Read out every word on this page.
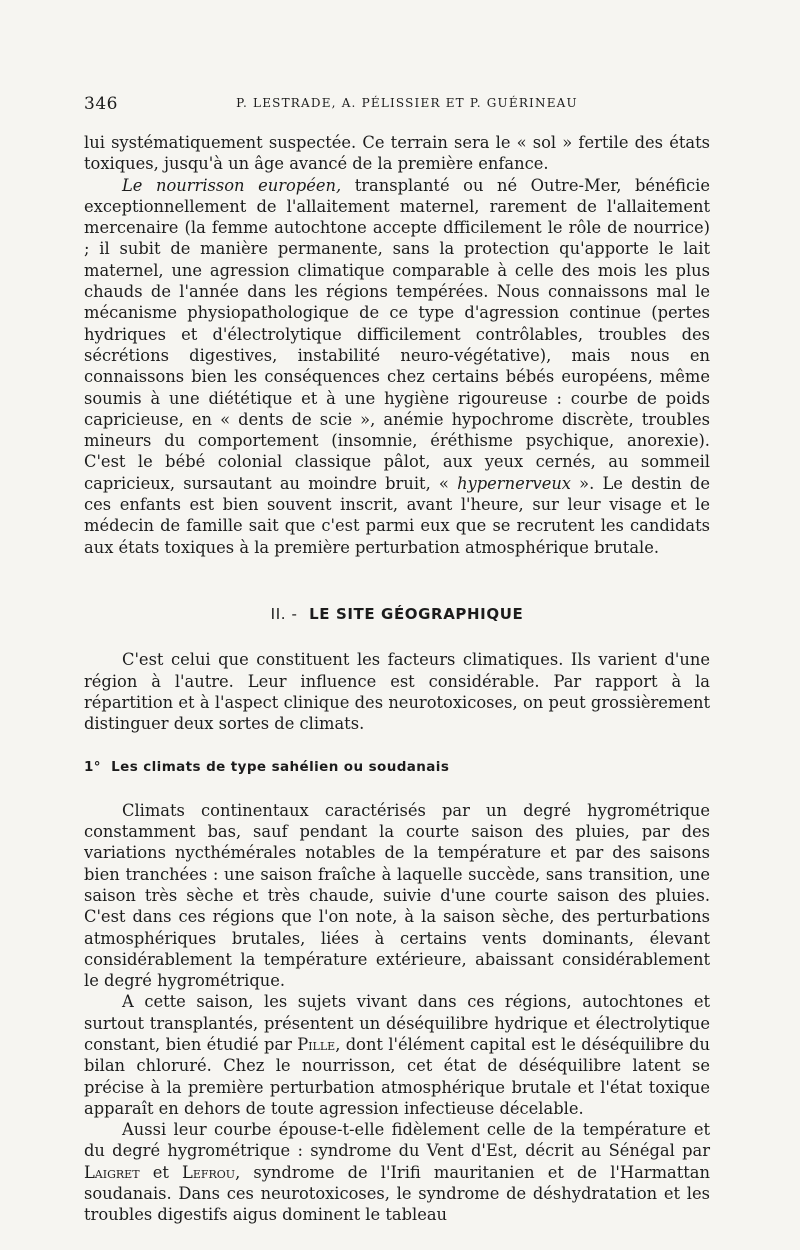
346	P. LESTRADE, A. PÉLISSIER ET P. GUÉRINEAU

lui systématiquement suspectée. Ce terrain sera le « sol » fertile des états toxiques, jusqu'à un âge avancé de la première enfance.

Le nourrisson européen, transplanté ou né Outre-Mer, bénéficie exceptionnellement de l'allaitement maternel, rarement de l'allaitement mercenaire (la femme autochtone accepte dfficilement le rôle de nourrice) ; il subit de manière permanente, sans la protection qu'apporte le lait maternel, une agression climatique comparable à celle des mois les plus chauds de l'année dans les régions tempérées. Nous connaissons mal le mécanisme physiopathologique de ce type d'agression continue (pertes hydriques et d'électrolytique difficilement contrôlables, troubles des sécrétions digestives, instabilité neuro-végétative), mais nous en connaissons bien les conséquences chez certains bébés européens, même soumis à une diététique et à une hygiène rigoureuse : courbe de poids capricieuse, en « dents de scie », anémie hypochrome discrète, troubles mineurs du comportement (insomnie, éréthisme psychique, anorexie). C'est le bébé colonial classique pâlot, aux yeux cernés, au sommeil capricieux, sursautant au moindre bruit, « hypernerveux ». Le destin de ces enfants est bien souvent inscrit, avant l'heure, sur leur visage et le médecin de famille sait que c'est parmi eux que se recrutent les candidats aux états toxiques à la première perturbation atmosphérique brutale.

II. - LE SITE GÉOGRAPHIQUE

C'est celui que constituent les facteurs climatiques. Ils varient d'une région à l'autre. Leur influence est considérable. Par rapport à la répartition et à l'aspect clinique des neurotoxicoses, on peut grossièrement distinguer deux sortes de climats.

1° Les climats de type sahélien ou soudanais

Climats continentaux caractérisés par un degré hygrométrique constamment bas, sauf pendant la courte saison des pluies, par des variations nycthémérales notables de la température et par des saisons bien tranchées : une saison fraîche à laquelle succède, sans transition, une saison très sèche et très chaude, suivie d'une courte saison des pluies. C'est dans ces régions que l'on note, à la saison sèche, des perturbations atmosphériques brutales, liées à certains vents dominants, élevant considérablement la température extérieure, abaissant considérablement le degré hygrométrique.

A cette saison, les sujets vivant dans ces régions, autochtones et surtout transplantés, présentent un déséquilibre hydrique et électrolytique constant, bien étudié par Pille, dont l'élément capital est le déséquilibre du bilan chloruré. Chez le nourrisson, cet état de déséquilibre latent se précise à la première perturbation atmosphérique brutale et l'état toxique apparaît en dehors de toute agression infectieuse décelable.

Aussi leur courbe épouse-t-elle fidèlement celle de la température et du degré hygrométrique : syndrome du Vent d'Est, décrit au Sénégal par Laigret et Lefrou, syndrome de l'Irifi mauritanien et de l'Harmattan soudanais. Dans ces neurotoxicoses, le syndrome de déshydratation et les troubles digestifs aigus dominent le tableau
